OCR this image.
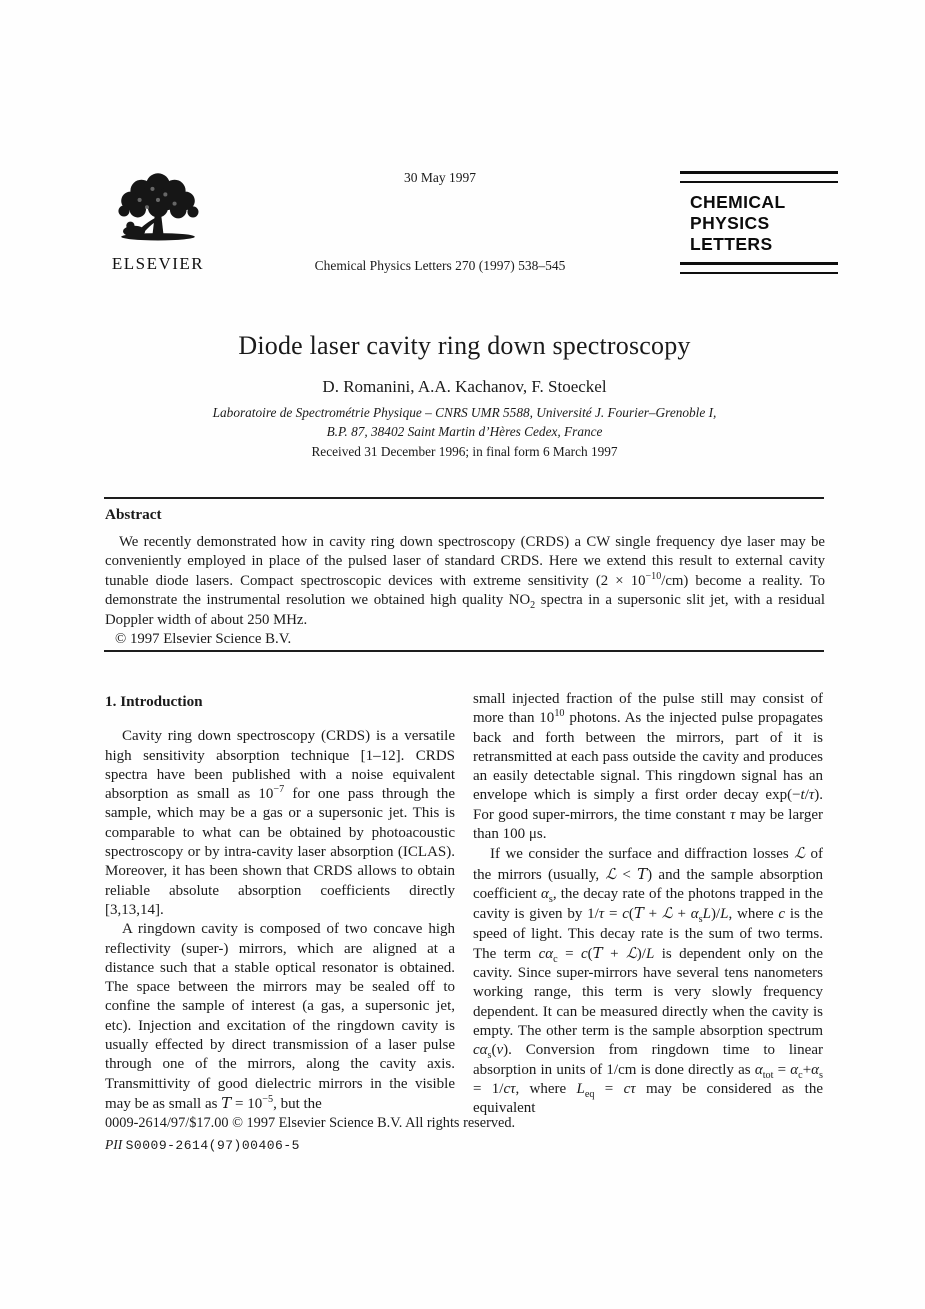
ELSEVIER
30 May 1997
Chemical Physics Letters 270 (1997) 538–545
CHEMICAL
PHYSICS
LETTERS
Diode laser cavity ring down spectroscopy
D. Romanini, A.A. Kachanov, F. Stoeckel
Laboratoire de Spectrométrie Physique – CNRS UMR 5588, Université J. Fourier–Grenoble I,
B.P. 87, 38402 Saint Martin d’Hères Cedex, France
Received 31 December 1996; in final form 6 March 1997
Abstract

We recently demonstrated how in cavity ring down spectroscopy (CRDS) a CW single frequency dye laser may be conveniently employed in place of the pulsed laser of standard CRDS. Here we extend this result to external cavity tunable diode lasers. Compact spectroscopic devices with extreme sensitivity $(2 \times 10^{-10}/cm)$ become a reality. To demonstrate the instrumental resolution we obtained high quality $NO_2$ spectra in a supersonic slit jet, with a residual Doppler width of about 250 MHz.

© 1997 Elsevier Science B.V.
1. Introduction

Cavity ring down spectroscopy (CRDS) is a versatile high sensitivity absorption technique [1–12]. CRDS spectra have been published with a noise equivalent absorption as small as $10^{-7}$ for one pass through the sample, which may be a gas or a supersonic jet. This is comparable to what can be obtained by photoacoustic spectroscopy or by intra-cavity laser absorption (ICLAS). Moreover, it has been shown that CRDS allows to obtain reliable absolute absorption coefficients directly [3,13,14].

A ringdown cavity is composed of two concave high reflectivity (super-) mirrors, which are aligned at a distance such that a stable optical resonator is obtained. The space between the mirrors may be sealed off to confine the sample of interest (a gas, a supersonic jet, etc). Injection and excitation of the ringdown cavity is usually effected by direct transmission of a laser pulse through one of the mirrors, along the cavity axis. Transmittivity of good dielectric mirrors in the visible may be as small as $T = 10^{-5}$, but the

small injected fraction of the pulse still may consist of more than $10^{10}$ photons. As the injected pulse propagates back and forth between the mirrors, part of it is retransmitted at each pass outside the cavity and produces an easily detectable signal. This ringdown signal has an envelope which is simply a first order decay exp(−t/τ). For good super-mirrors, the time constant τ may be larger than 100 μs.

If we consider the surface and diffraction losses ℒ of the mirrors (usually, ℒ < T) and the sample absorption coefficient $\alpha_s$, the decay rate of the photons trapped in the cavity is given by 1/τ = c(T + ℒ + $\alpha_sL)/L$, where c is the speed of light. This decay rate is the sum of two terms. The term $c\alpha_c = c(T$ + ℒ)/L is dependent only on the cavity. Since super-mirrors have several tens nanometers working range, this term is very slowly frequency dependent. It can be measured directly when the cavity is empty. The other term is the sample absorption spectrum $c\alpha_s(\nu)$. Conversion from ringdown time to linear absorption in units of 1/cm is done directly as $\alpha_{tot} = \alpha_c+\alpha_s = 1/c\tau$, where $L_{eq} = c\tau$ may be considered as the equivalent

0009-2614/97/$17.00 © 1997 Elsevier Science B.V. All rights reserved.
PII S0009-2614(97)00406-5
